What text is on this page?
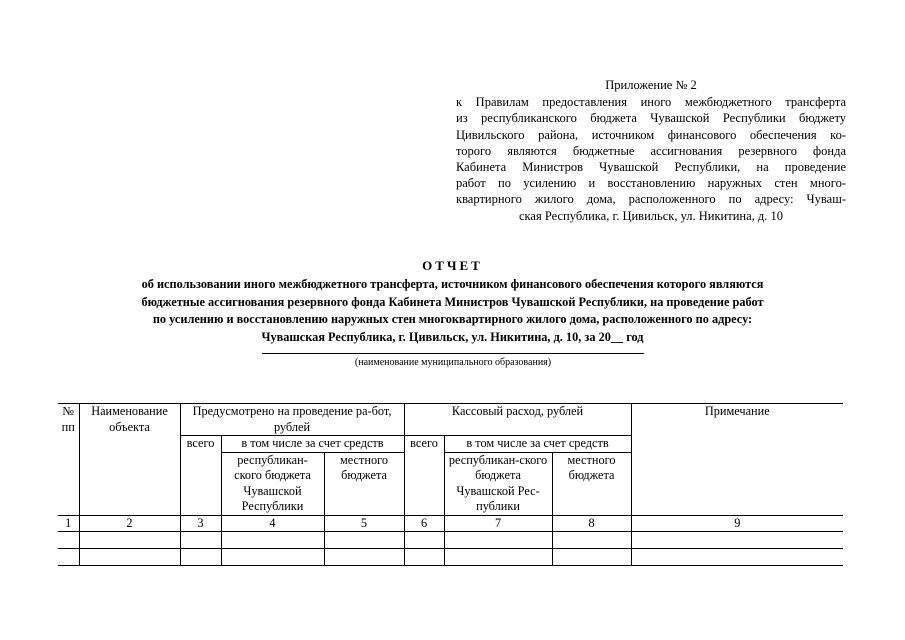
Приложение № 2
к Правилам предоставления иного межбюджетного трансферта
из республиканского бюджета Чувашской Республики бюджету
Цивильского района, источником финансового обеспечения ко-
торого являются бюджетные ассигнования резервного фонда
Кабинета Министров Чувашской Республики, на проведение
работ по усилению и восстановлению наружных стен много-
квартирного жилого дома, расположенного по адресу: Чуваш-
ская Республика, г. Цивильск, ул. Никитина, д. 10
ОТЧЕТ
об использовании иного межбюджетного трансферта, источником финансового обеспечения которого являются
бюджетные ассигнования резервного фонда Кабинета Министров Чувашской Республики, на проведение работ
по усилению и восстановлению наружных стен многоквартирного жилого дома, расположенного по адресу:
Чувашская Республика, г. Цивильск, ул. Никитина, д. 10, за 20__ год
(наименование муниципального образования)
№ пп	Наименование объекта	Предусмотрено на проведение ра-бот, рублей			Кассовый расход, рублей			Примечание
		всего	в том числе за счет средств		всего	в том числе за счет средств		
			республикан-ского бюджета Чувашской Республики	местного бюджета		республикан-ского бюджета Чувашской Рес-публики	местного бюджета	
1	2	3	4	5	6	7	8	9
